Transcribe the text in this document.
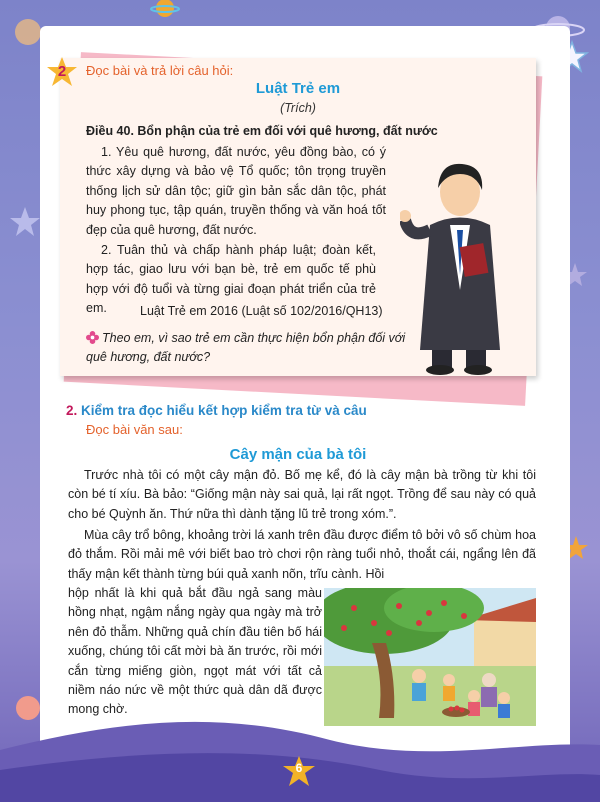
2	Đọc bài và trả lời câu hỏi:
Luật Trẻ em
(Trích)
Điều 40. Bổn phận của trẻ em đối với quê hương, đất nước
1. Yêu quê hương, đất nước, yêu đồng bào, có ý thức xây dựng và bảo vệ Tổ quốc; tôn trọng truyền thống lịch sử dân tộc; giữ gìn bản sắc dân tộc, phát huy phong tục, tập quán, truyền thống và văn hoá tốt đẹp của quê hương, đất nước.
2. Tuân thủ và chấp hành pháp luật; đoàn kết, hợp tác, giao lưu với bạn bè, trẻ em quốc tế phù hợp với độ tuổi và từng giai đoạn phát triển của trẻ em.	Luật Trẻ em 2016 (Luật số 102/2016/QH13)
Theo em, vì sao trẻ em cần thực hiện bổn phận đối với quê hương, đất nước?
2. Kiểm tra đọc hiểu kết hợp kiểm tra từ và câu
Đọc bài văn sau:
Cây mận của bà tôi
Trước nhà tôi có một cây mận đỏ. Bố mẹ kể, đó là cây mận bà trồng từ khi tôi còn bé tí xíu. Bà bảo: “Giống mận này sai quả, lại rất ngọt. Trồng để sau này có quả cho bé Quỳnh ăn. Thứ nữa thì dành tặng lũ trẻ trong xóm.”.
Mùa cây trổ bông, khoảng trời lá xanh trên đầu được điểm tô bởi vô số chùm hoa đỏ thắm. Rồi mải mê với biết bao trò chơi rộn ràng tuổi nhỏ, thoắt cái, ngẩng lên đã thấy mận kết thành từng búi quả xanh nõn, trĩu cành. Hồi
hộp nhất là khi quả bắt đầu ngả sang màu hồng nhạt, ngậm nắng ngày qua ngày mà trở nên đỏ thẫm. Những quả chín đầu tiên bố hái xuống, chúng tôi cất mời bà ăn trước, rồi mới cắn từng miếng giòn, ngọt mát với tất cả niềm náo nức về một thức quà dân dã được mong chờ.
6
